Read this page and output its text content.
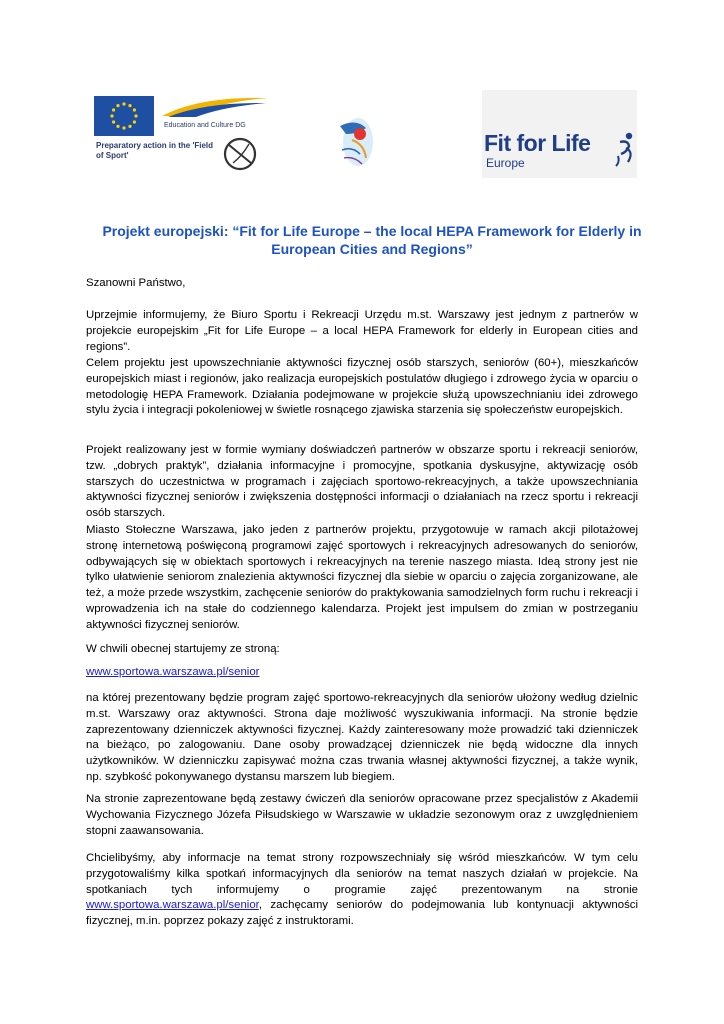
Education and Culture DG
Preparatory action in the 'Field of Sport'	Fit for Life
Europe
Projekt europejski: “Fit for Life Europe – the local HEPA Framework for Elderly in European Cities and Regions”

Szanowni Państwo,

Uprzejmie informujemy, że Biuro Sportu i Rekreacji Urzędu m.st. Warszawy jest jednym z partnerów w projekcie europejskim „Fit for Life Europe – a local HEPA Framework for elderly in European cities and regions”.

Celem projektu jest upowszechnianie aktywności fizycznej osób starszych, seniorów (60+), mieszkańców europejskich miast i regionów, jako realizacja europejskich postulatów długiego i zdrowego życia w oparciu o metodologię HEPA Framework. Działania podejmowane w projekcie służą upowszechnianiu idei zdrowego stylu życia i integracji pokoleniowej w świetle rosnącego zjawiska starzenia się społeczeństw europejskich.

Projekt realizowany jest w formie wymiany doświadczeń partnerów w obszarze sportu i rekreacji seniorów, tzw. „dobrych praktyk”, działania informacyjne i promocyjne, spotkania dyskusyjne, aktywizację osób starszych do uczestnictwa w programach i zajęciach sportowo-rekreacyjnych, a także upowszechniania aktywności fizycznej seniorów i zwiększenia dostępności informacji o działaniach na rzecz sportu i rekreacji osób starszych.

Miasto Stołeczne Warszawa, jako jeden z partnerów projektu, przygotowuje w ramach akcji pilotażowej stronę internetową poświęconą programowi zajęć sportowych i rekreacyjnych adresowanych do seniorów, odbywających się w obiektach sportowych i rekreacyjnych na terenie naszego miasta. Ideą strony jest nie tylko ułatwienie seniorom znalezienia aktywności fizycznej dla siebie w oparciu o zajęcia zorganizowane, ale też, a może przede wszystkim, zachęcenie seniorów do praktykowania samodzielnych form ruchu i rekreacji i wprowadzenia ich na stałe do codziennego kalendarza. Projekt jest impulsem do zmian w postrzeganiu aktywności fizycznej seniorów.

W chwili obecnej startujemy ze stroną:

www.sportowa.warszawa.pl/senior

na której prezentowany będzie program zajęć sportowo-rekreacyjnych dla seniorów ułożony według dzielnic m.st. Warszawy oraz aktywności. Strona daje możliwość wyszukiwania informacji. Na stronie będzie zaprezentowany dzienniczek aktywności fizycznej. Każdy zainteresowany może prowadzić taki dzienniczek na bieżąco, po zalogowaniu. Dane osoby prowadzącej dzienniczek nie będą widoczne dla innych użytkowników. W dzienniczku zapisywać można czas trwania własnej aktywności fizycznej, a także wynik, np. szybkość pokonywanego dystansu marszem lub biegiem.

Na stronie zaprezentowane będą zestawy ćwiczeń dla seniorów opracowane przez specjalistów z Akademii Wychowania Fizycznego Józefa Piłsudskiego w Warszawie w układzie sezonowym oraz z uwzględnieniem stopni zaawansowania.

Chcielibyśmy, aby informacje na temat strony rozpowszechniały się wśród mieszkańców. W tym celu przygotowaliśmy kilka spotkań informacyjnych dla seniorów na temat naszych działań w projekcie. Na spotkaniach tych informujemy o programie zajęć prezentowanym na stronie www.sportowa.warszawa.pl/senior, zachęcamy seniorów do podejmowania lub kontynuacji aktywności fizycznej, m.in. poprzez pokazy zajęć z instruktorami.
